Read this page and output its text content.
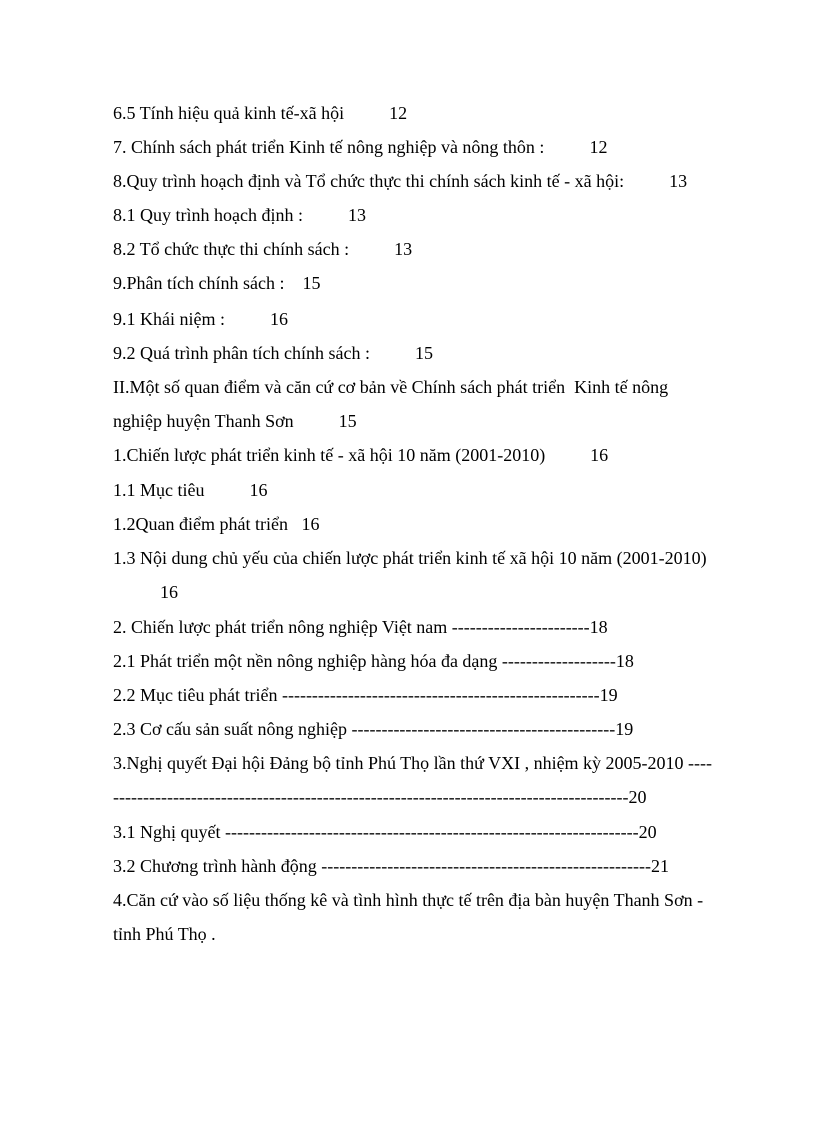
6.5 Tính hiệu quả kinh tế-xã hội          12
7. Chính sách phát triển Kinh tế nông nghiệp và nông thôn :          12
8.Quy trình hoạch định và Tổ chức thực thi chính sách kinh tế - xã hội:          13
8.1 Quy trình hoạch định :          13
8.2 Tổ chức thực thi chính sách :          13
9.Phân tích chính sách :    15
9.1 Khái niệm :          16
9.2 Quá trình phân tích chính sách :          15
II.Một số quan điểm và căn cứ cơ bản về Chính sách phát triển  Kinh tế nông
nghiệp huyện Thanh Sơn          15
1.Chiến lược phát triển kinh tế - xã hội 10 năm (2001-2010)          16
1.1 Mục tiêu          16
1.2Quan điểm phát triển   16
1.3 Nội dung chủ yếu của chiến lược phát triển kinh tế xã hội 10 năm (2001-2010)
16
2. Chiến lược phát triển nông nghiệp Việt nam -----------------------18
2.1 Phát triển một nền nông nghiệp hàng hóa đa dạng -------------------18
2.2 Mục tiêu phát triển -----------------------------------------------------19
2.3 Cơ cấu sản suất nông nghiệp --------------------------------------------19
3.Nghị quyết Đại hội Đảng bộ tỉnh Phú Thọ lần thứ VXI , nhiệm kỳ 2005-2010 ----
--------------------------------------------------------------------------------------20
3.1 Nghị quyết ---------------------------------------------------------------------20
3.2 Chương trình hành động -------------------------------------------------------21
4.Căn cứ vào số liệu thống kê và tình hình thực tế trên địa bàn huyện Thanh Sơn -
tỉnh Phú Thọ .
